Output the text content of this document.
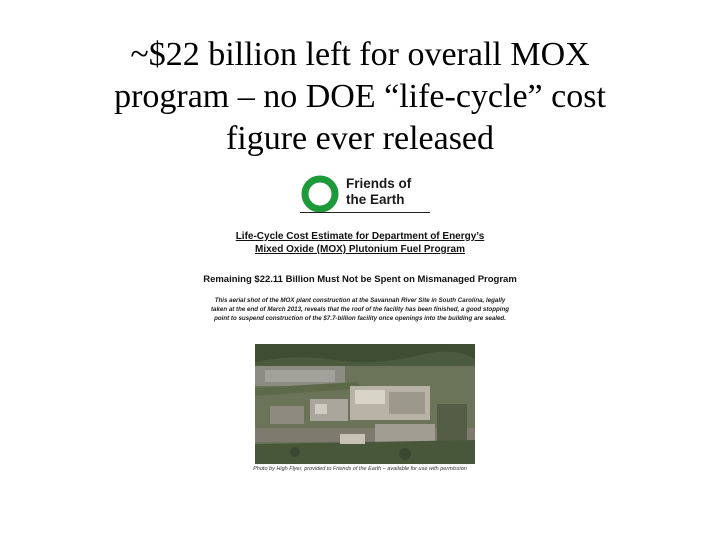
~$22 billion left for overall MOX
program – no DOE “life-cycle” cost
figure ever released
Friends of
the Earth
Life-Cycle Cost Estimate for Department of Energy’s
Mixed Oxide (MOX) Plutonium Fuel Program
Remaining $22.11 Billion Must Not be Spent on Mismanaged Program
This aerial shot of the MOX plant construction at the Savannah River Site in South Carolina, legally
taken at the end of March 2013, reveals that the roof of the facility has been finished, a good stopping
point to suspend construction of the $7.7-billion facility once openings into the building are sealed.
Photo by High Flyer, provided to Friends of the Earth – available for use with permission
